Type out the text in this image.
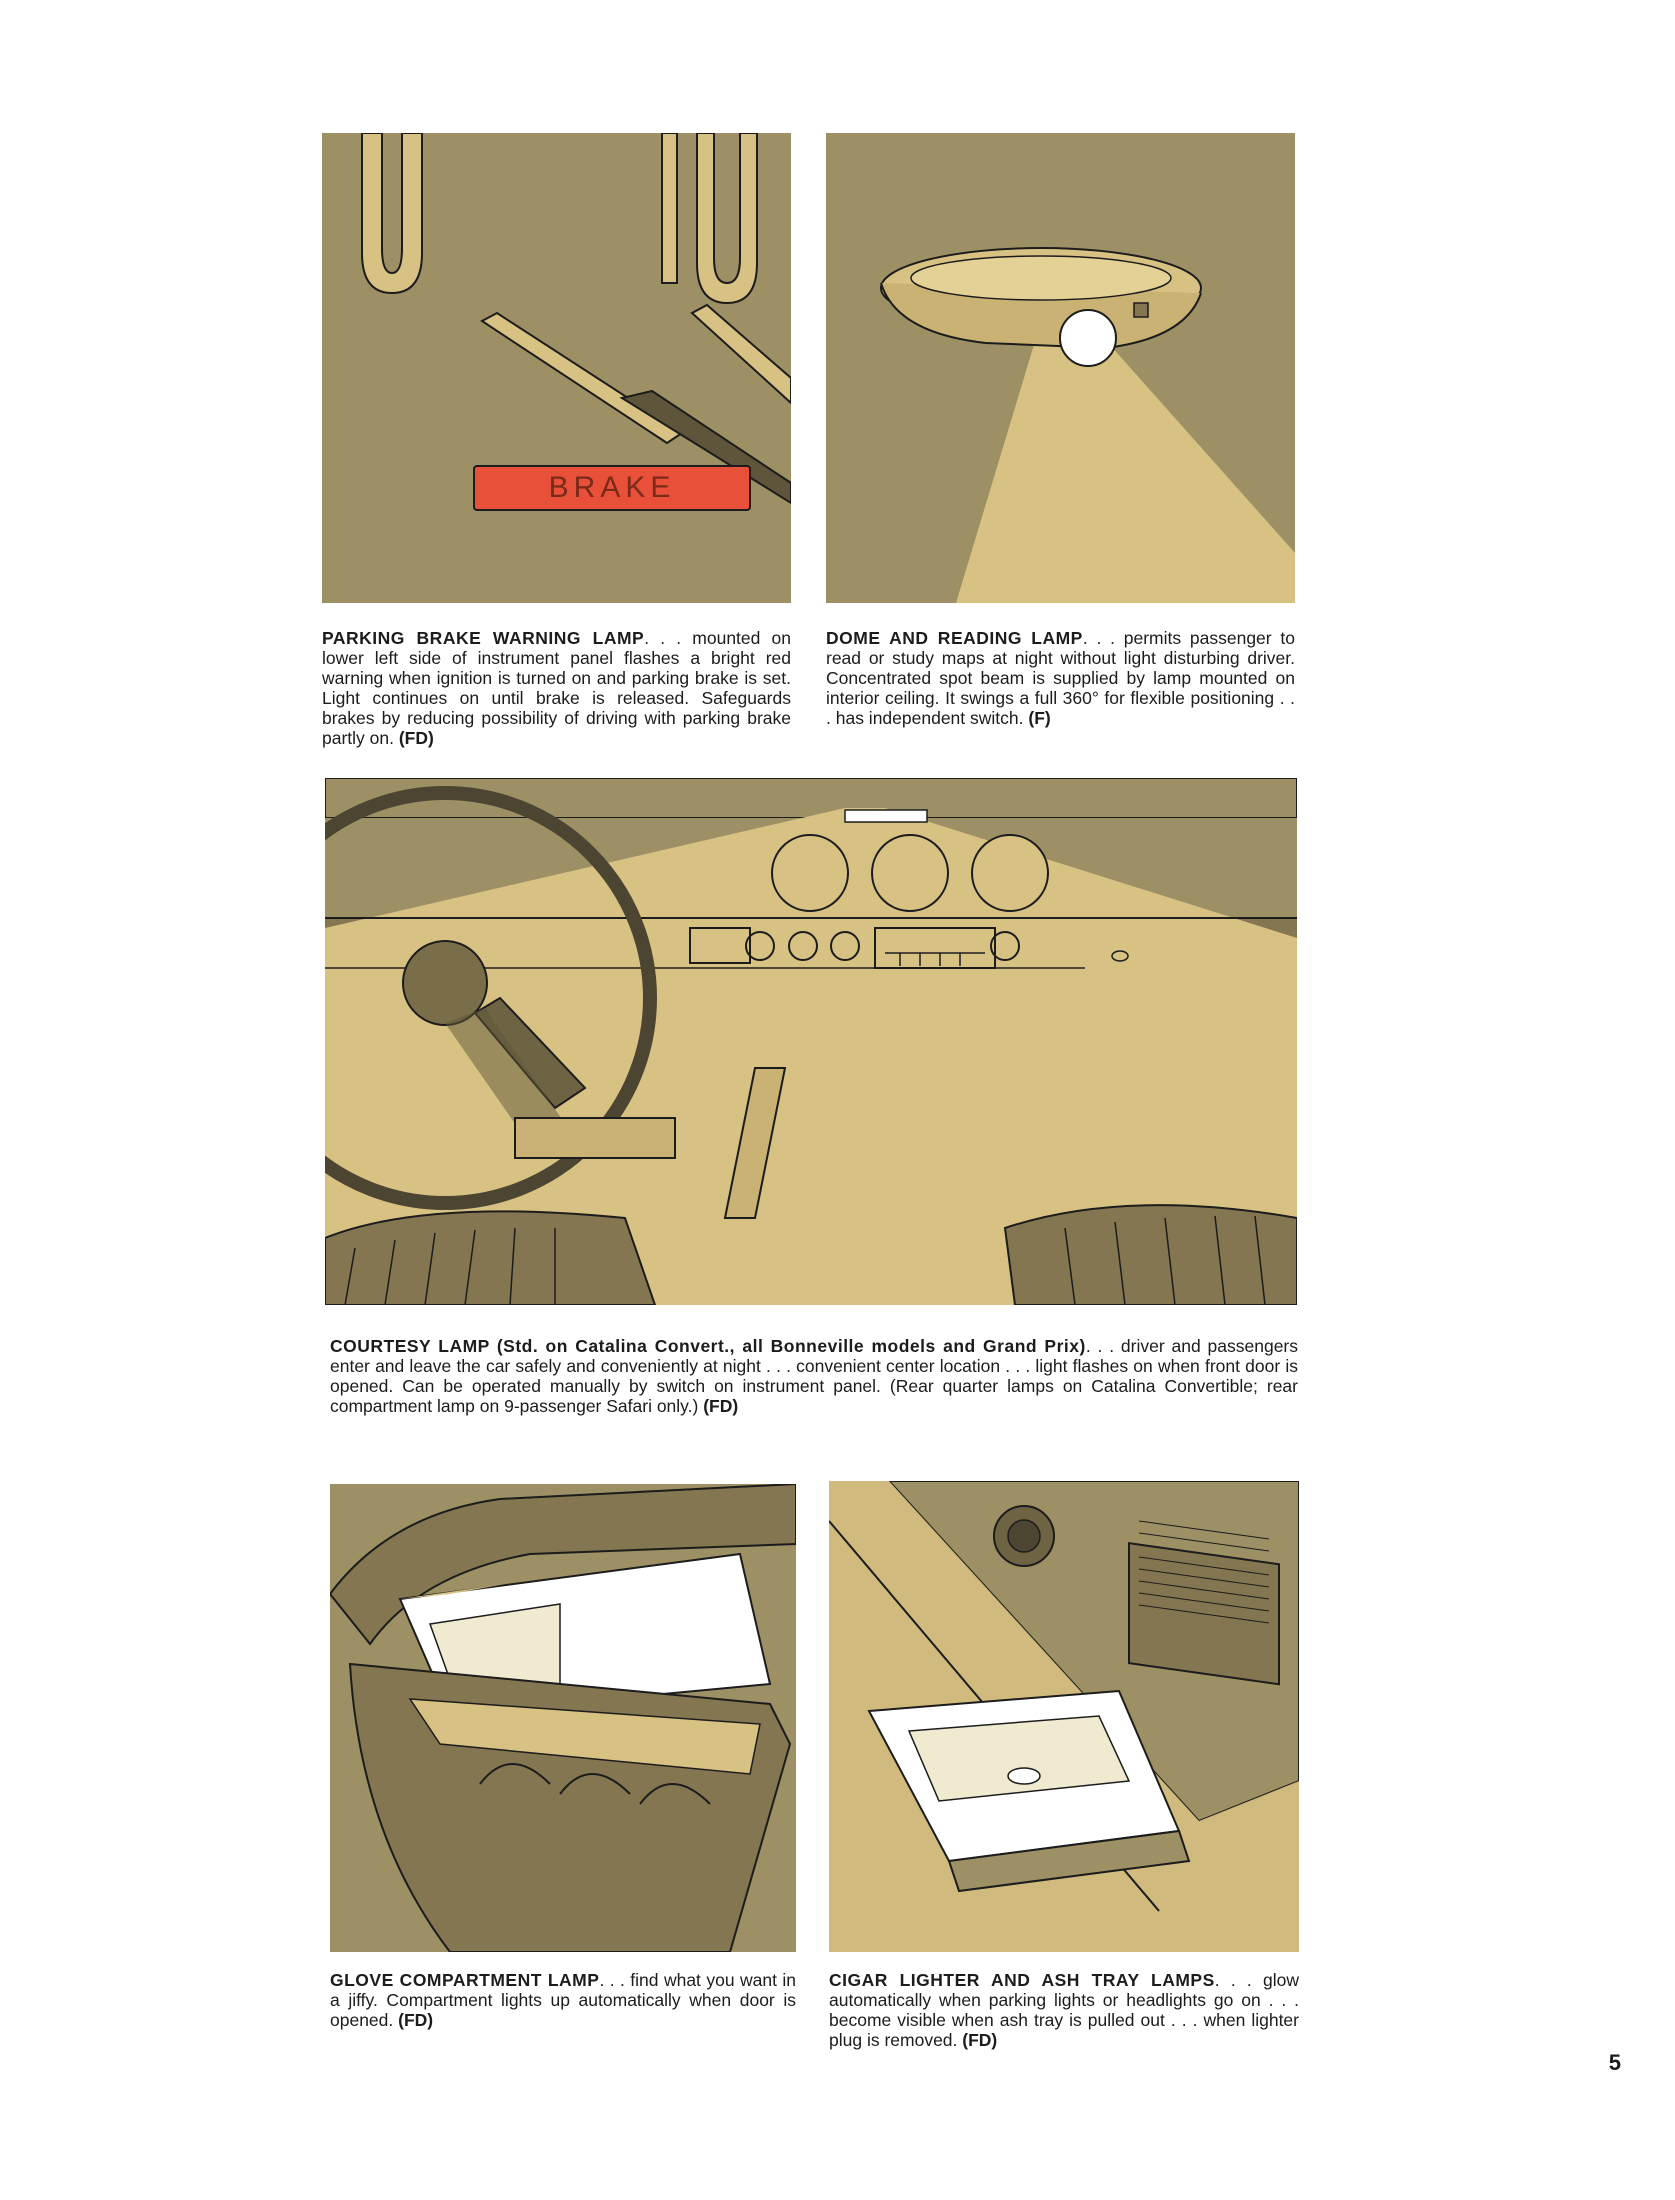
BRAKE
PARKING BRAKE WARNING LAMP. . . mounted on lower left side of instrument panel flashes a bright red warning when ignition is turned on and parking brake is set. Light continues on until brake is released. Safeguards brakes by reducing possibility of driving with parking brake partly on. (FD)
DOME AND READING LAMP. . . permits passenger to read or study maps at night without light disturbing driver. Concentrated spot beam is supplied by lamp mounted on interior ceiling. It swings a full 360° for flexible positioning . . . has independent switch. (F)
COURTESY LAMP (Std. on Catalina Convert., all Bonneville models and Grand Prix). . . driver and passengers enter and leave the car safely and conveniently at night . . . convenient center location . . . light flashes on when front door is opened. Can be operated manually by switch on instrument panel. (Rear quarter lamps on Catalina Convertible; rear compartment lamp on 9-passenger Safari only.) (FD)
GLOVE COMPARTMENT LAMP. . . find what you want in a jiffy. Compartment lights up automatically when door is opened. (FD)
CIGAR LIGHTER AND ASH TRAY LAMPS. . . glow automatically when parking lights or headlights go on . . . become visible when ash tray is pulled out . . . when lighter plug is removed. (FD)
5
